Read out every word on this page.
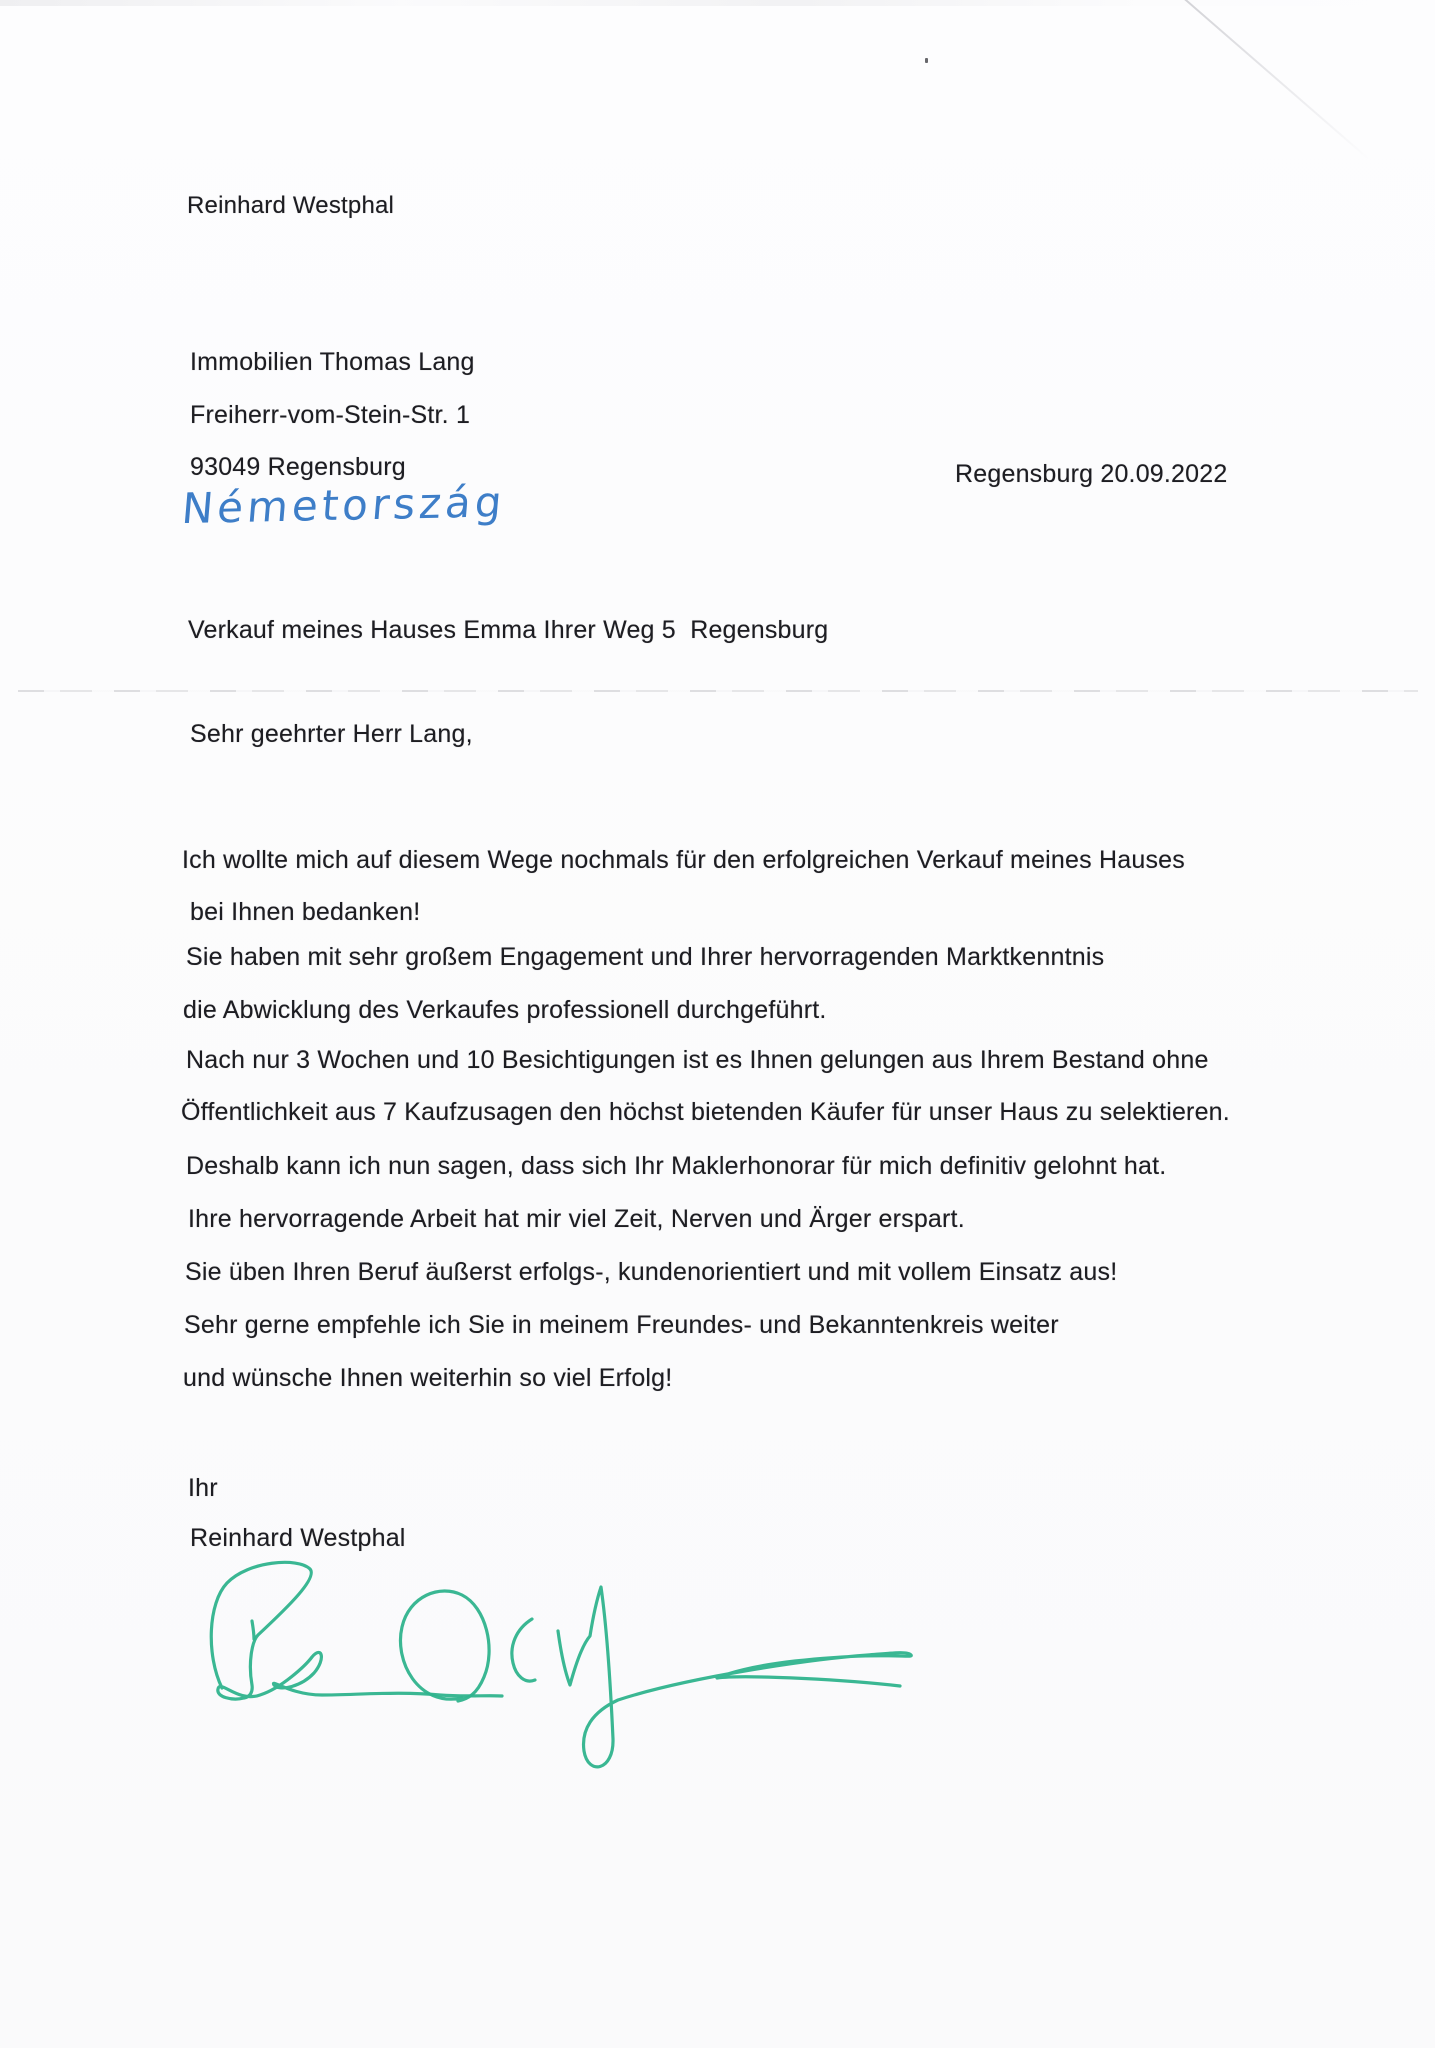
Reinhard Westphal
Immobilien Thomas Lang
Freiherr-vom-Stein-Str. 1
93049 Regensburg
Németország
Regensburg 20.09.2022
Verkauf meines Hauses Emma Ihrer Weg 5  Regensburg
Sehr geehrter Herr Lang,
Ich wollte mich auf diesem Wege nochmals für den erfolgreichen Verkauf meines Hauses
bei Ihnen bedanken!
Sie haben mit sehr großem Engagement und Ihrer hervorragenden Marktkenntnis
die Abwicklung des Verkaufes professionell durchgeführt.
Nach nur 3 Wochen und 10 Besichtigungen ist es Ihnen gelungen aus Ihrem Bestand ohne
Öffentlichkeit aus 7 Kaufzusagen den höchst bietenden Käufer für unser Haus zu selektieren.
Deshalb kann ich nun sagen, dass sich Ihr Maklerhonorar für mich definitiv gelohnt hat.
Ihre hervorragende Arbeit hat mir viel Zeit, Nerven und Ärger erspart.
Sie üben Ihren Beruf äußerst erfolgs-, kundenorientiert und mit vollem Einsatz aus!
Sehr gerne empfehle ich Sie in meinem Freundes- und Bekanntenkreis weiter
und wünsche Ihnen weiterhin so viel Erfolg!
Ihr
Reinhard Westphal
